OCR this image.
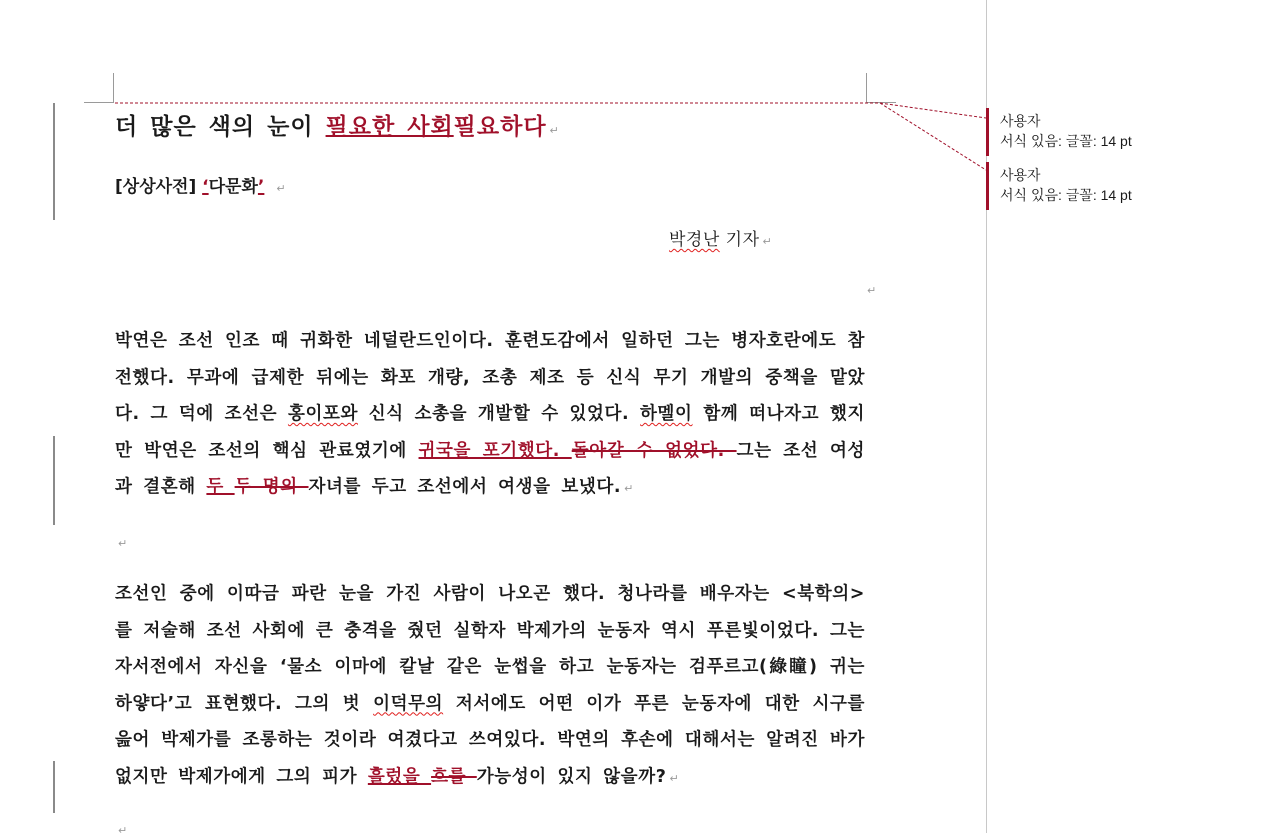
더 많은 색의 눈이 필요한 사회필요하다 ↵
[상상사전] ‘다문화’ ↵
박경난 기자 ↵
↵
박연은 조선 인조 때 귀화한 네덜란드인이다. 훈련도감에서 일하던 그는 병자호란에도 참전했다. 무과에 급제한 뒤에는 화포 개량, 조총 제조 등 신식 무기 개발의 중책을 맡았다. 그 덕에 조선은 홍이포와 신식 소총을 개발할 수 있었다. 하멜이 함께 떠나자고 했지만 박연은 조선의 핵심 관료였기에 귀국을 포기했다. 돌아갈 수 없었다. 그는 조선 여성과 결혼해 두 두 명의 자녀를 두고 조선에서 여생을 보냈다. ↵
↵
조선인 중에 이따금 파란 눈을 가진 사람이 나오곤 했다. 청나라를 배우자는 <북학의>를 저술해 조선 사회에 큰 충격을 줬던 실학자 박제가의 눈동자 역시 푸른빛이었다. 그는 자서전에서 자신을 ‘물소 이마에 칼날 같은 눈썹을 하고 눈동자는 검푸르고(綠瞳) 귀는 하얗다’고 표현했다. 그의 벗 이덕무의 저서에도 어떤 이가 푸른 눈동자에 대한 시구를 읊어 박제가를 조롱하는 것이라 여겼다고 쓰여있다. 박연의 후손에 대해서는 알려진 바가 없지만 박제가에게 그의 피가 흘렀을 흐를 가능성이 있지 않을까? ↵
↵
사용자
서식 있음: 글꼴: 14 pt
사용자
서식 있음: 글꼴: 14 pt
